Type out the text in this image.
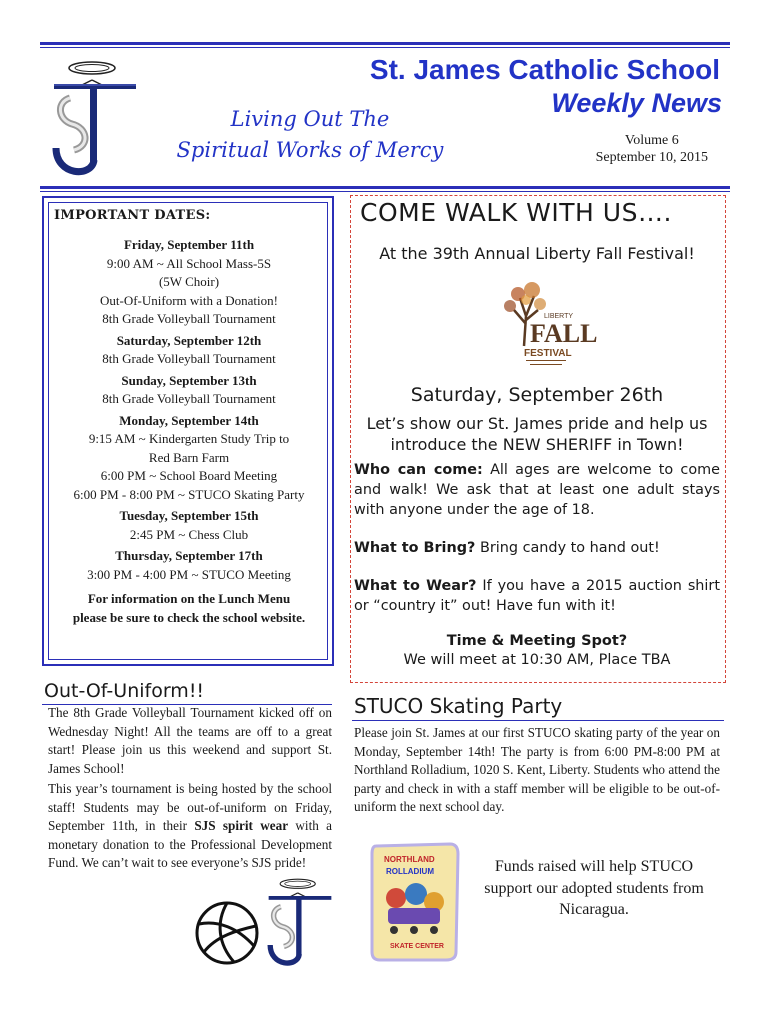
St. James Catholic School
Weekly News
Living Out The
Spiritual Works of Mercy	Volume 6
September 10, 2015
IMPORTANT DATES:
Friday, September 11th
9:00 AM ~ All School Mass-5S
(5W Choir)
Out-Of-Uniform with a Donation!
8th Grade Volleyball Tournament
Saturday, September 12th
8th Grade Volleyball Tournament
Sunday, September 13th
8th Grade Volleyball Tournament
Monday, September 14th
9:15 AM ~ Kindergarten Study Trip to
Red Barn Farm
6:00 PM ~ School Board Meeting
6:00 PM - 8:00 PM ~ STUCO Skating Party
Tuesday, September 15th
2:45 PM ~ Chess Club
Thursday, September 17th
3:00 PM - 4:00 PM ~ STUCO Meeting
For information on the Lunch Menu
please be sure to check the school website.
COME WALK WITH US….
At the 39th Annual Liberty Fall Festival!
LIBERTY
FALL
FESTIVAL
Saturday, September 26th
Let’s show our St. James pride and help us
introduce the NEW SHERIFF in Town!
Who can come: All ages are welcome to come and walk! We ask that at least one adult stays with anyone under the age of 18.
What to Bring? Bring candy to hand out!
What to Wear? If you have a 2015 auction shirt or “country it” out! Have fun with it!
Time & Meeting Spot?
We will meet at 10:30 AM, Place TBA
Out-Of-Uniform!!
The 8th Grade Volleyball Tournament kicked off on Wednesday Night! All the teams are off to a great start! Please join us this weekend and support St. James School!
This year’s tournament is being hosted by the school staff! Students may be out-of-uniform on Friday, September 11th, in their SJS spirit wear with a monetary donation to the Professional Development Fund. We can’t wait to see everyone’s SJS pride!
STUCO Skating Party
Please join St. James at our first STUCO skating party of the year on Monday, September 14th! The party is from 6:00 PM-8:00 PM at Northland Rolladium, 1020 S. Kent, Liberty. Students who attend the party and check in with a staff member will be eligible to be out-of-uniform the next school day.
NORTHLAND
ROLLADIUM
SKATE CENTER
Funds raised will help STUCO support our adopted students from Nicaragua.
